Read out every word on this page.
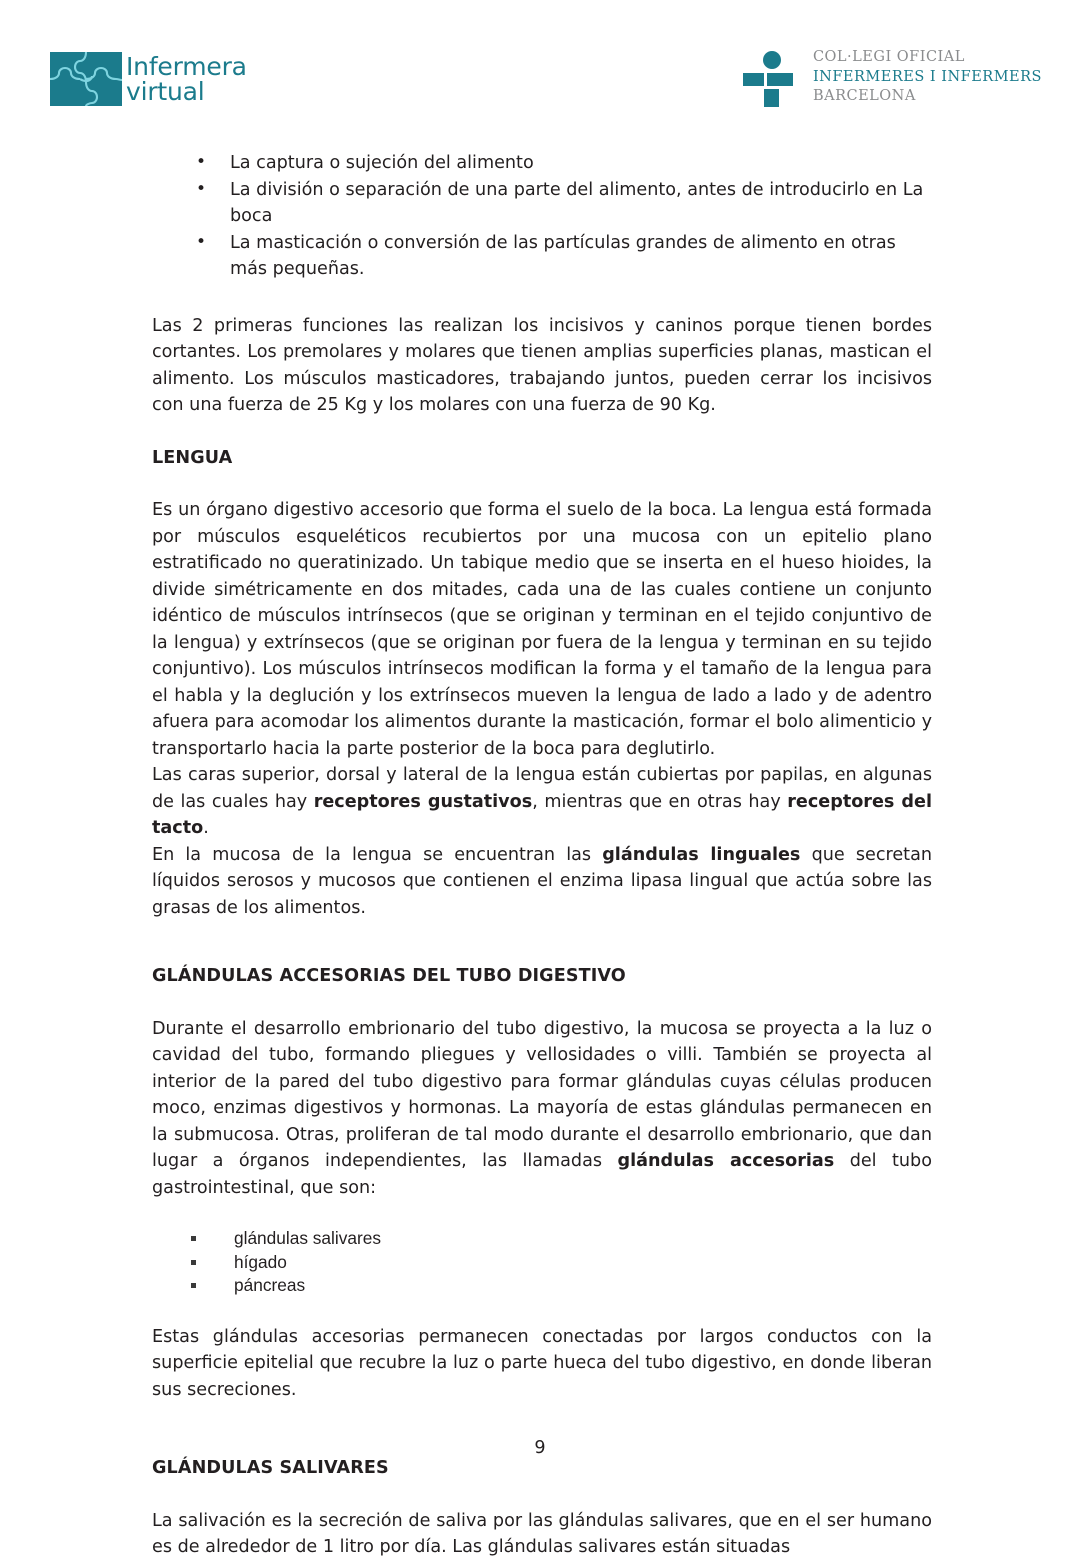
Infermera
virtual
COL·LEGI OFICIAL
INFERMERES I INFERMERS
BARCELONA
• La captura o sujeción del alimento
• La división o separación de una parte del alimento, antes de introducirlo en La boca
• La masticación o conversión de las partículas grandes de alimento en otras más pequeñas.

Las 2 primeras funciones las realizan los incisivos y caninos porque tienen bordes cortantes. Los premolares y molares que tienen amplias superficies planas, mastican el alimento. Los músculos masticadores, trabajando juntos, pueden cerrar los incisivos con una fuerza de 25 Kg y los molares con una fuerza de 90 Kg.

LENGUA

Es un órgano digestivo accesorio que forma el suelo de la boca. La lengua está formada por músculos esqueléticos recubiertos por una mucosa con un epitelio plano estratificado no queratinizado. Un tabique medio que se inserta en el hueso hioides, la divide simétricamente en dos mitades, cada una de las cuales contiene un conjunto idéntico de músculos intrínsecos (que se originan y terminan en el tejido conjuntivo de la lengua) y extrínsecos (que se originan por fuera de la lengua y terminan en su tejido conjuntivo). Los músculos intrínsecos modifican la forma y el tamaño de la lengua para el habla y la deglución y los extrínsecos mueven la lengua de lado a lado y de adentro afuera para acomodar los alimentos durante la masticación, formar el bolo alimenticio y transportarlo hacia la parte posterior de la boca para deglutirlo.

Las caras superior, dorsal y lateral de la lengua están cubiertas por papilas, en algunas de las cuales hay receptores gustativos, mientras que en otras hay receptores del tacto.

En la mucosa de la lengua se encuentran las glándulas linguales que secretan líquidos serosos y mucosos que contienen el enzima lipasa lingual que actúa sobre las grasas de los alimentos.

GLÁNDULAS ACCESORIAS DEL TUBO DIGESTIVO

Durante el desarrollo embrionario del tubo digestivo, la mucosa se proyecta a la luz o cavidad del tubo, formando pliegues y vellosidades o villi. También se proyecta al interior de la pared del tubo digestivo para formar glándulas cuyas células producen moco, enzimas digestivos y hormonas. La mayoría de estas glándulas permanecen en la submucosa. Otras, proliferan de tal modo durante el desarrollo embrionario, que dan lugar a órganos independientes, las llamadas glándulas accesorias del tubo gastrointestinal, que son:

glándulas salivares
hígado
páncreas

Estas glándulas accesorias permanecen conectadas por largos conductos con la superficie epitelial que recubre la luz o parte hueca del tubo digestivo, en donde liberan sus secreciones.

GLÁNDULAS SALIVARES

La salivación es la secreción de saliva por las glándulas salivares, que en el ser humano es de alrededor de 1 litro por día. Las glándulas salivares están situadas

9
